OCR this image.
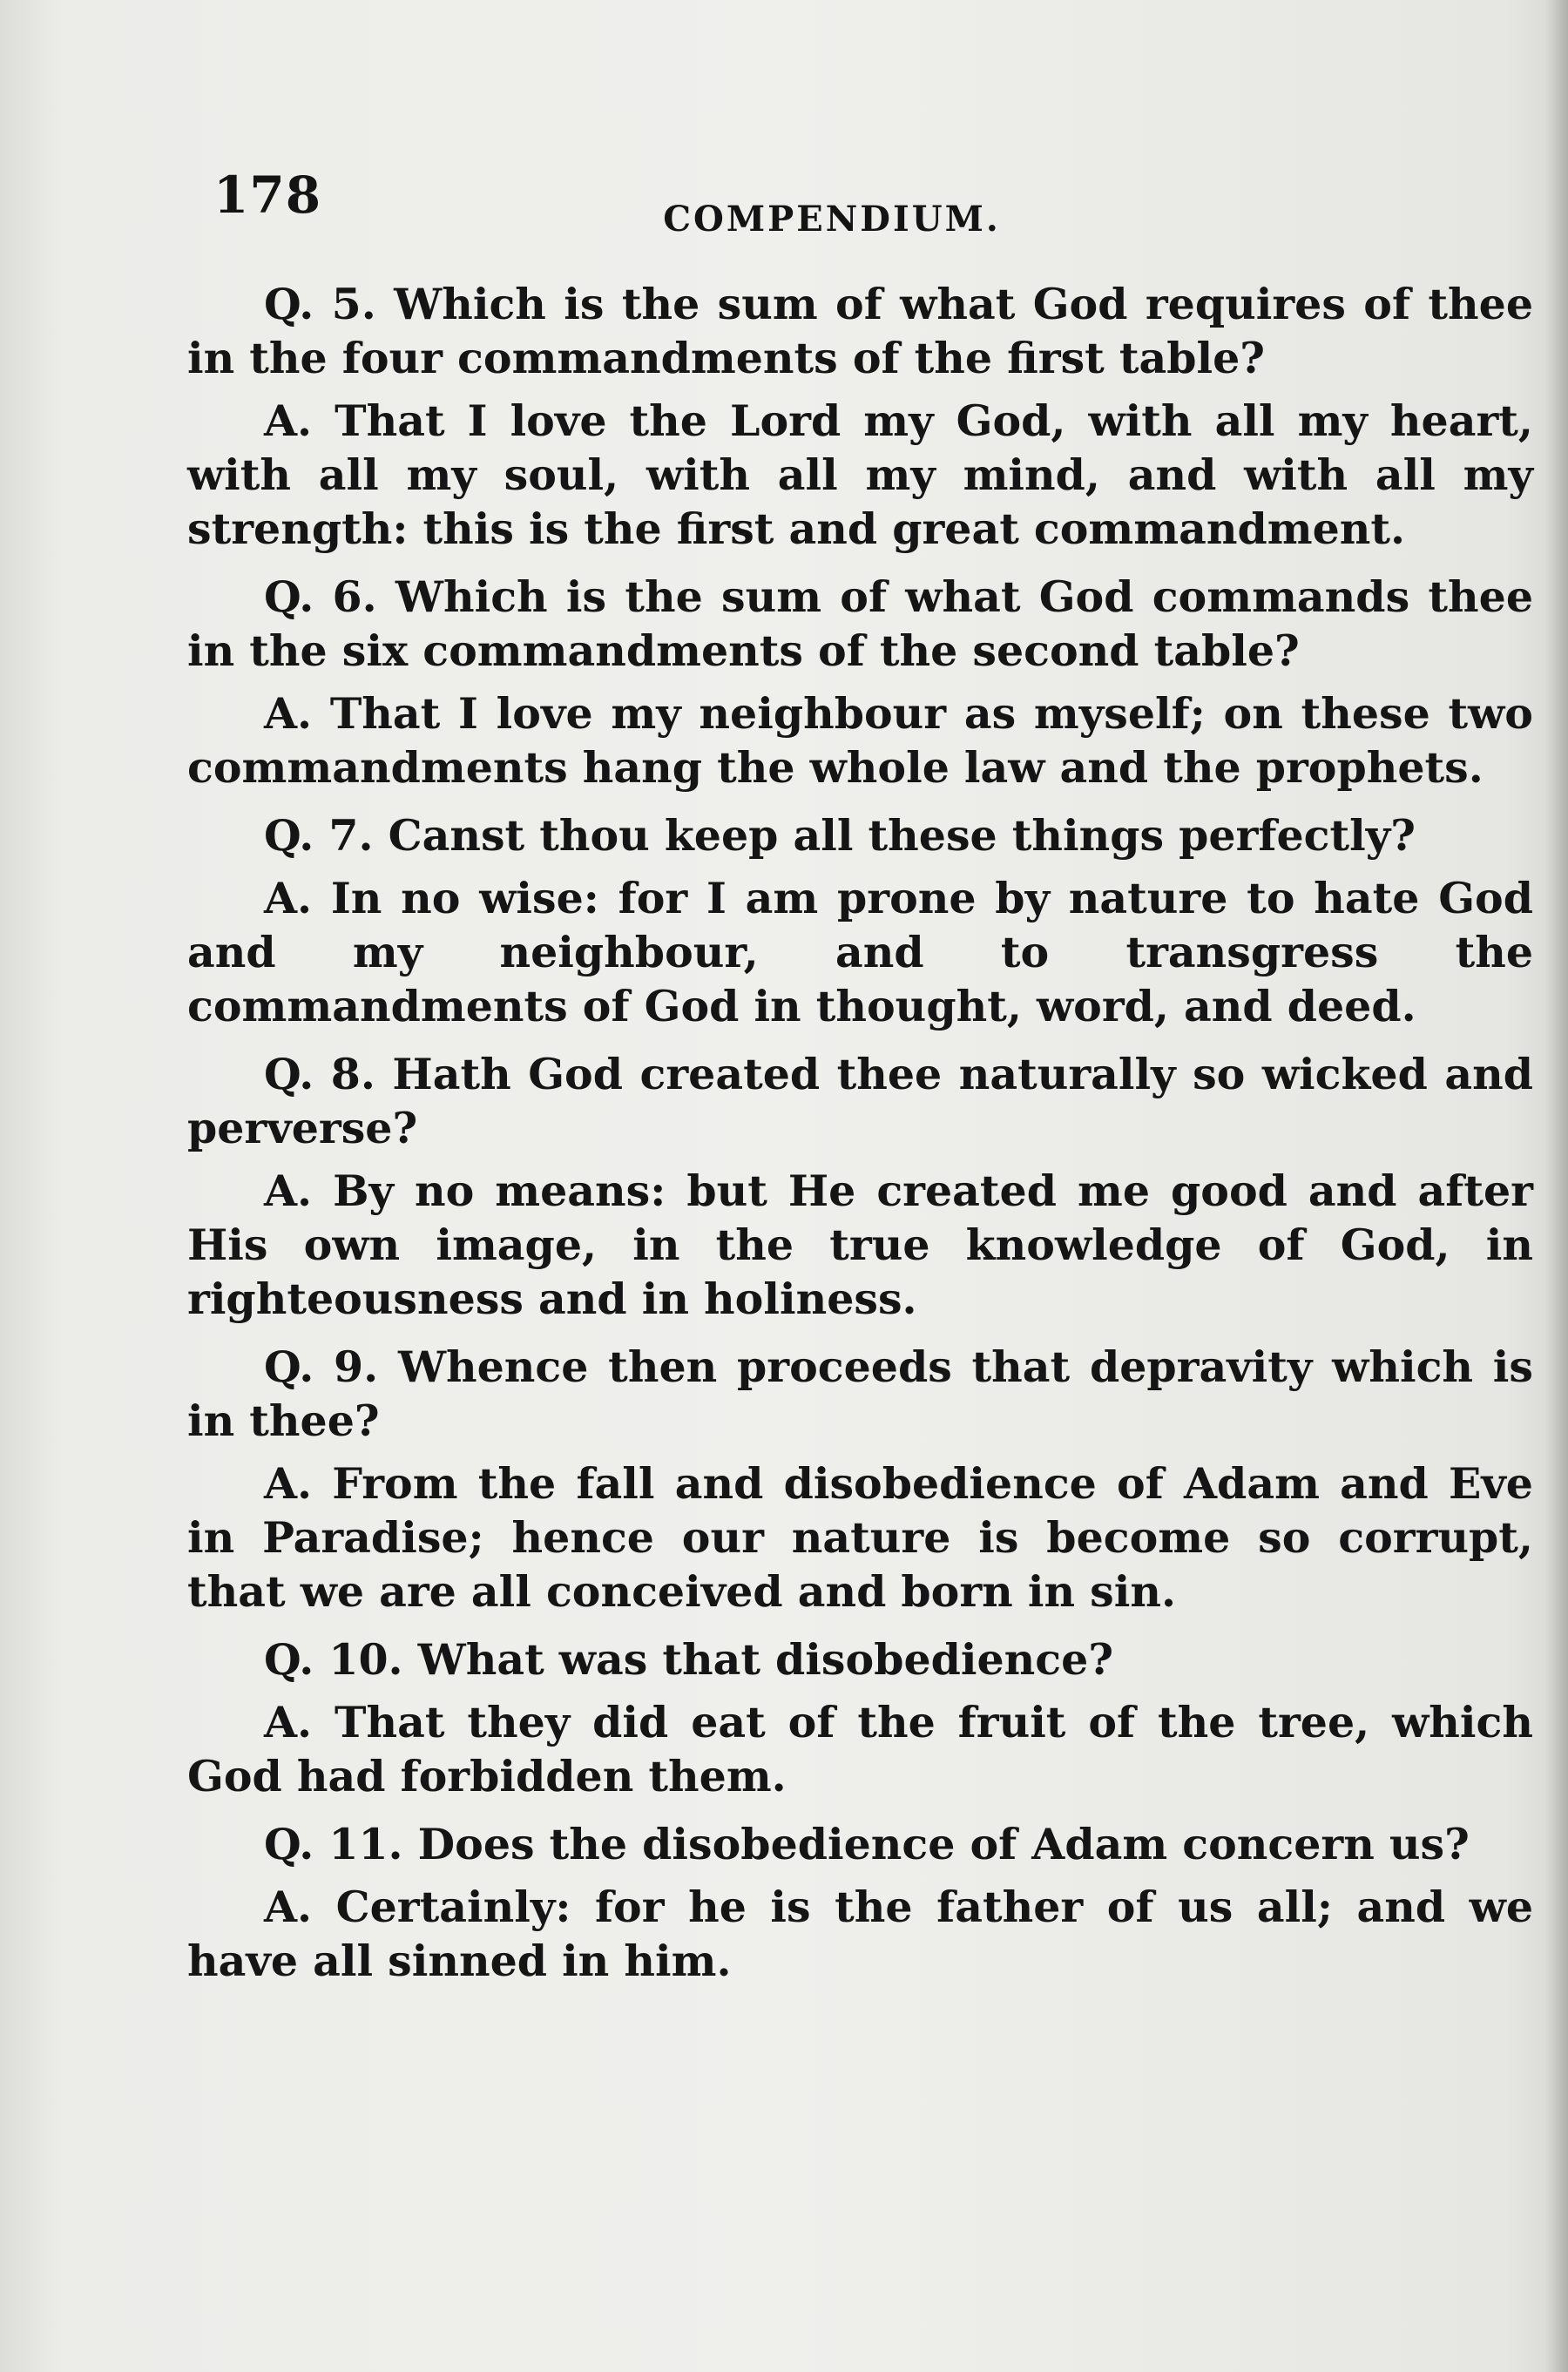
178	COMPENDIUM.

Q. 5. Which is the sum of what God requires of thee in the four commandments of the first table?

A. That I love the Lord my God, with all my heart, with all my soul, with all my mind, and with all my strength: this is the first and great commandment.

Q. 6. Which is the sum of what God commands thee in the six commandments of the second table?

A. That I love my neighbour as myself; on these two commandments hang the whole law and the prophets.

Q. 7. Canst thou keep all these things perfectly?

A. In no wise: for I am prone by nature to hate God and my neighbour, and to transgress the commandments of God in thought, word, and deed.

Q. 8. Hath God created thee naturally so wicked and perverse?

A. By no means: but He created me good and after His own image, in the true knowledge of God, in righteousness and in holiness.

Q. 9. Whence then proceeds that depravity which is in thee?

A. From the fall and disobedience of Adam and Eve in Paradise; hence our nature is become so corrupt, that we are all conceived and born in sin.

Q. 10. What was that disobedience?

A. That they did eat of the fruit of the tree, which God had forbidden them.

Q. 11. Does the disobedience of Adam concern us?

A. Certainly: for he is the father of us all; and we have all sinned in him.
